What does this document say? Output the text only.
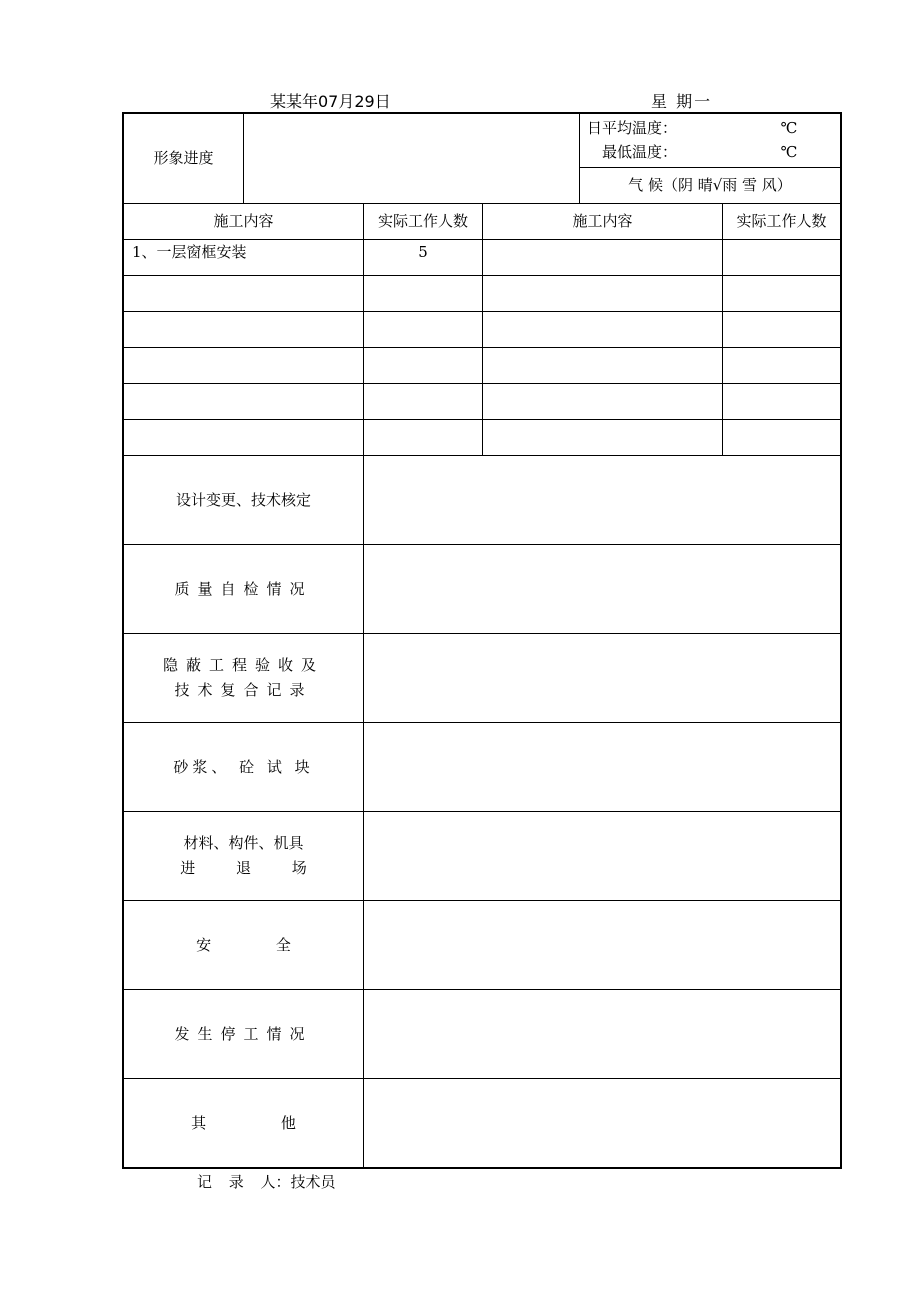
某某年07月29日	星 期一
形象进度
日平均温度：	℃
最低温度：	℃
气 候（阴 晴√雨 雪 风）
施工内容	实际工作人数	施工内容	实际工作人数
1、一层窗框安装	5
设计变更、技术核定
质量自检情况
隐蔽工程验收及
技术复合记录
砂浆、 砼 试 块
材料、构件、机具
进 退 场
安 全
发生停工情况
其 他
记 录 人：技术员
